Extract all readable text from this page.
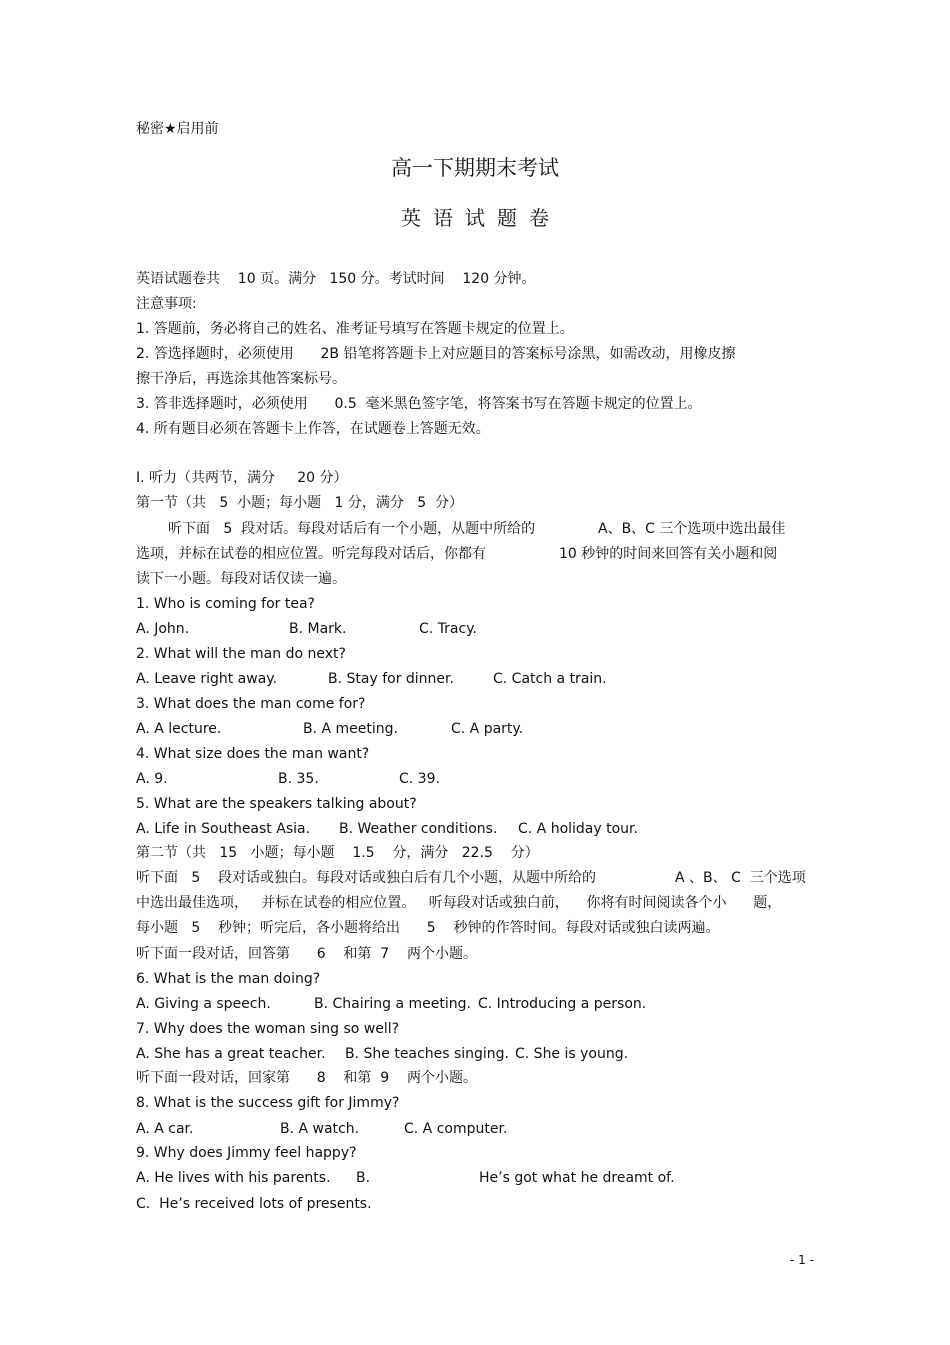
秘密★启用前
高一下期期末考试
英语试题卷
英语试题卷共    10 页。满分   150 分。考试时间    120 分钟。
注意事项:
1. 答题前，务必将自己的姓名、准考证号填写在答题卡规定的位置上。
2. 答选择题时，必须使用      2B 铅笔将答题卡上对应题目的答案标号涂黑，如需改动，用橡皮擦
擦干净后，再选涂其他答案标号。
3. 答非选择题时，必须使用      0.5  毫米黑色签字笔，将答案书写在答题卡规定的位置上。
4. 所有题目必须在答题卡上作答，在试题卷上答题无效。
Ⅰ. 听力（共两节，满分     20 分）
第一节（共   5  小题；每小题   1 分，满分   5  分）
听下面   5  段对话。每段对话后有一个小题，从题中所给的	A、B、C 三个选项中选出最佳
选项，并标在试卷的相应位置。听完每段对话后，你都有	10 秒钟的时间来回答有关小题和阅
读下一小题。每段对话仅读一遍。
1. Who is coming for tea?
A. John.	B. Mark.	C. Tracy.
2. What will the man do next?
A. Leave right away.	B. Stay for dinner.	C. Catch a train.
3. What does the man come for?
A. A lecture.	B. A meeting.	C. A party.
4. What size does the man want?
A. 9.	B. 35.	C. 39.
5. What are the speakers talking about?
A. Life in Southeast Asia. B. Weather conditions. C. A holiday tour.
第二节（共   15   小题；每小题    1.5    分，满分   22.5    分）
听下面   5    段对话或独白。每段对话或独白后有几个小题，从题中所给的	A 、B、 C  三个选项
中选出最佳选项，   并标在试卷的相应位置。   听每段对话或独白前，    你将有时间阅读各个小      题，
每小题   5    秒钟；听完后，各小题将给出      5    秒钟的作答时间。每段对话或独白读两遍。
听下面一段对话，回答第      6    和第  7    两个小题。
6. What is the man doing?
A. Giving a speech.	B. Chairing a meeting. C. Introducing a person.
7. Why does the woman sing so well?
A. She has a great teacher. B. She teaches singing. C. She is young.
听下面一段对话，回家第      8    和第  9    两个小题。
8. What is the success gift for Jimmy?
A. A car.	B. A watch.	C. A computer.
9. Why does Jimmy feel happy?
A. He lives with his parents. B.	He’s got what he dreamt of.
C.  He’s received lots of presents.
- 1 -
